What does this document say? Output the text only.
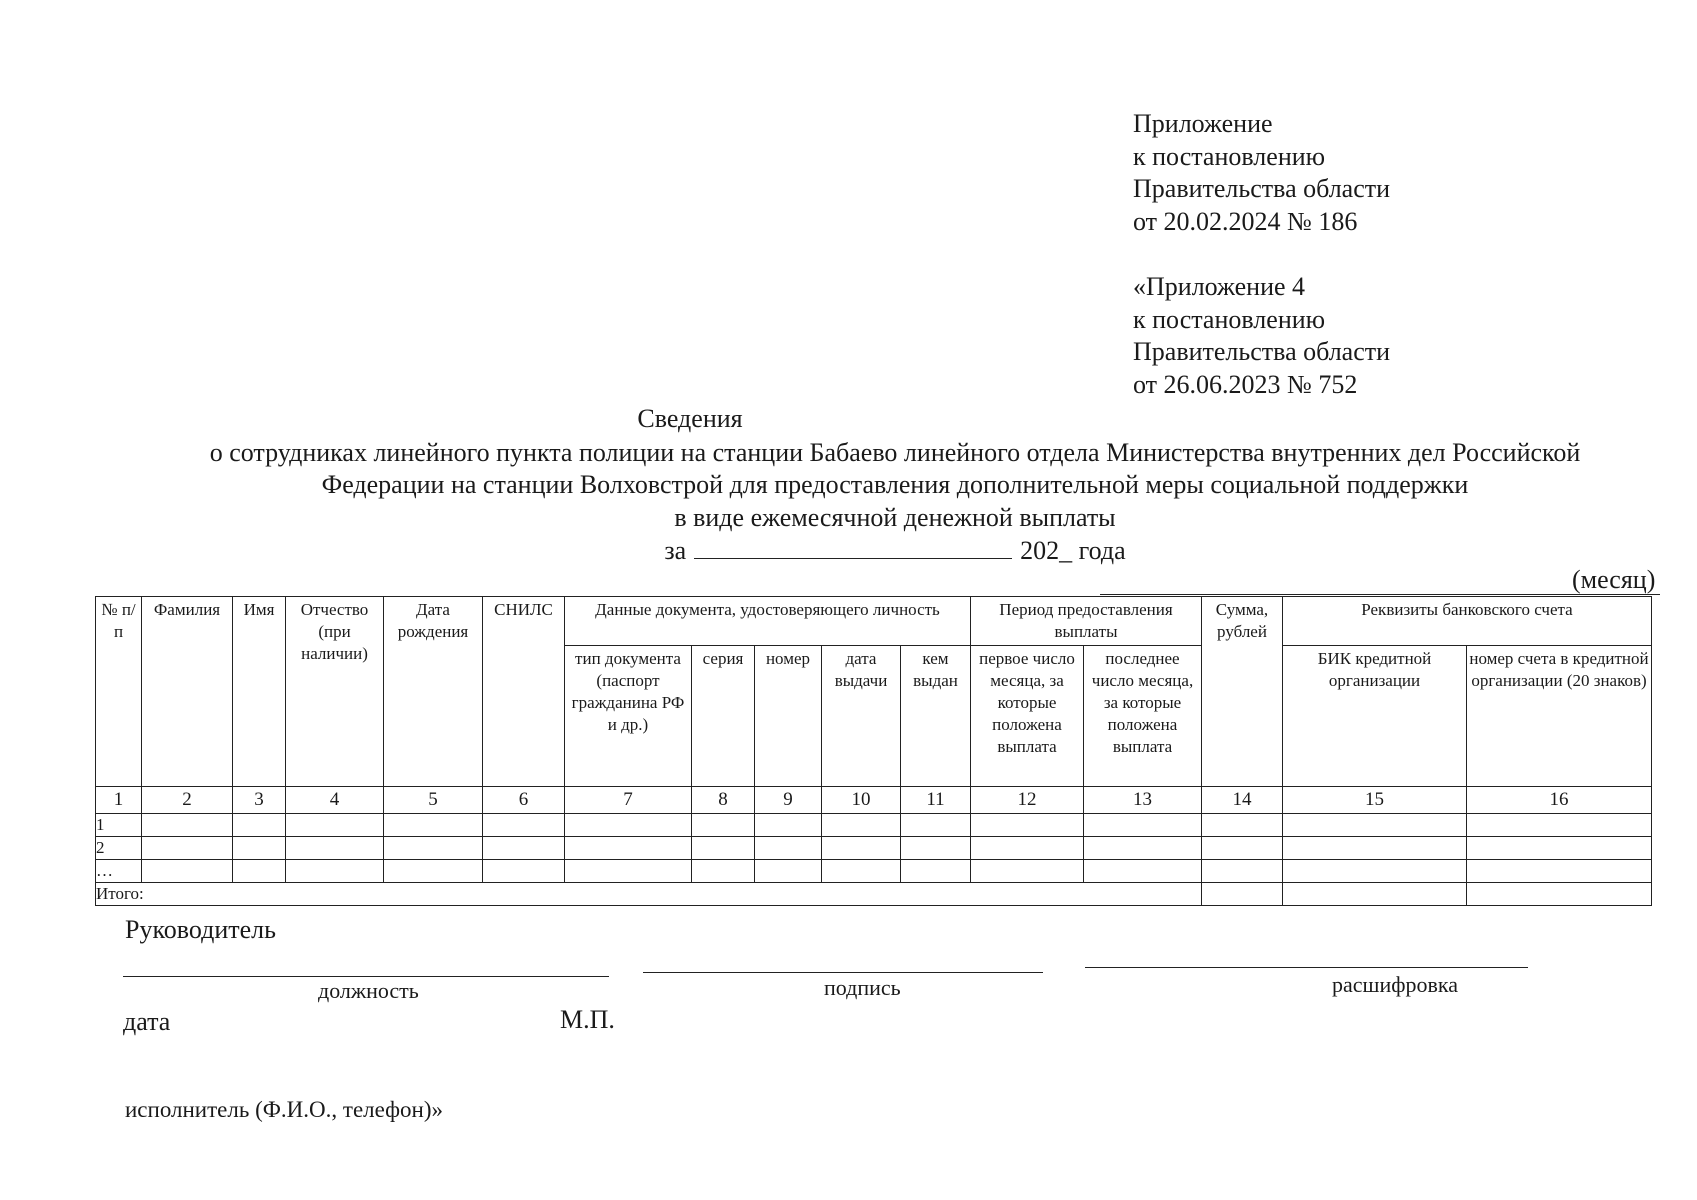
Приложение
к постановлению
Правительства области
от 20.02.2024 № 186
«Приложение 4
к постановлению
Правительства области
от 26.06.2023 № 752
Сведения
о сотрудниках линейного пункта полиции на станции Бабаево линейного отдела Министерства внутренних дел Российской
Федерации на станции Волховстрой для предоставления дополнительной меры социальной поддержки
в виде ежемесячной денежной выплаты
за	202_ года
(месяц)
№ п/п	Фамилия	Имя	Отчество (при наличии)	Дата рождения	СНИЛС	Данные документа, удостоверяющего личность					Период предоставления выплаты		Сумма, рублей	Реквизиты банковского счета	
						тип документа (паспорт гражданина РФ и др.)	серия	номер	дата выдачи	кем выдан	первое число месяца, за которые положена выплата	последнее число месяца, за которые положена выплата		БИК кредитной организации	номер счета в кредитной организации (20 знаков)
1	2	3	4	5	6	7	8	9	10	11	12	13	14	15	16
1															
2															
…															
Итого:															
Руководитель
должность	подпись	расшифровка
дата	М.П.
исполнитель (Ф.И.О., телефон)»
